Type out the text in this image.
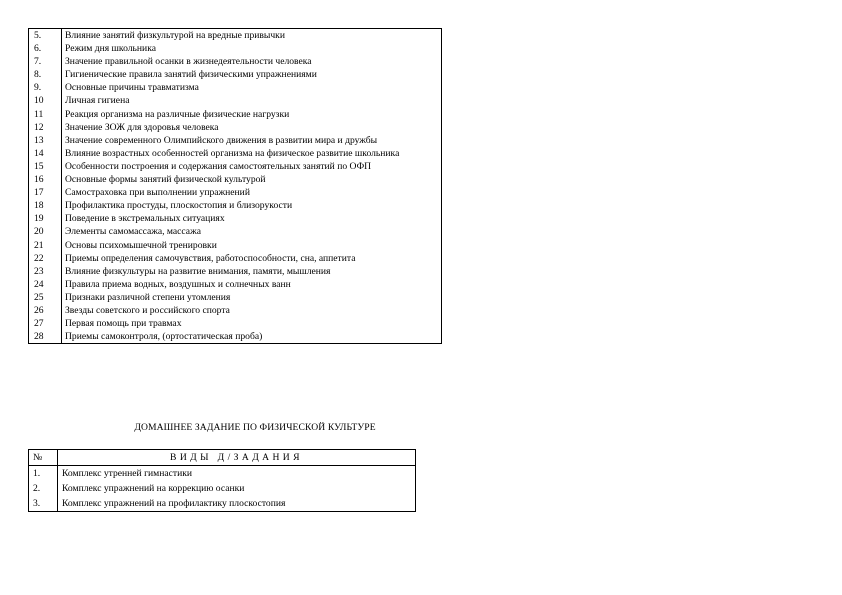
5.	Влияние занятий физкультурой на вредные привычки
6.	Режим дня школьника
7.	Значение правильной осанки в жизнедеятельности человека
8.	Гигиенические правила занятий физическими упражнениями
9.	Основные причины травматизма
10	Личная гигиена
11	Реакция организма на различные физические нагрузки
12	Значение ЗОЖ для здоровья человека
13	Значение современного Олимпийского движения в развитии мира и дружбы
14	Влияние возрастных особенностей организма на физическое развитие школьника
15	Особенности построения и содержания самостоятельных занятий по ОФП
16	Основные формы занятий физической культурой
17	Самостраховка при выполнении упражнений
18	Профилактика простуды, плоскостопия и близорукости
19	Поведение в экстремальных ситуациях
20	Элементы самомассажа, массажа
21	Основы психомышечной тренировки
22	Приемы определения самочувствия, работоспособности, сна, аппетита
23	Влияние физкультуры на развитие внимания, памяти, мышления
24	Правила приема водных, воздушных и солнечных ванн
25	Признаки различной степени утомления
26	Звезды советского и российского спорта
27	Первая помощь при травмах
28	Приемы самоконтроля, (ортостатическая проба)
ДОМАШНЕЕ ЗАДАНИЕ ПО ФИЗИЧЕСКОЙ КУЛЬТУРЕ
№	ВИДЫ Д/ЗАДАНИЯ
1.	Комплекс утренней гимнастики
2.	Комплекс упражнений на коррекцию осанки
3.	Комплекс упражнений на профилактику плоскостопия
